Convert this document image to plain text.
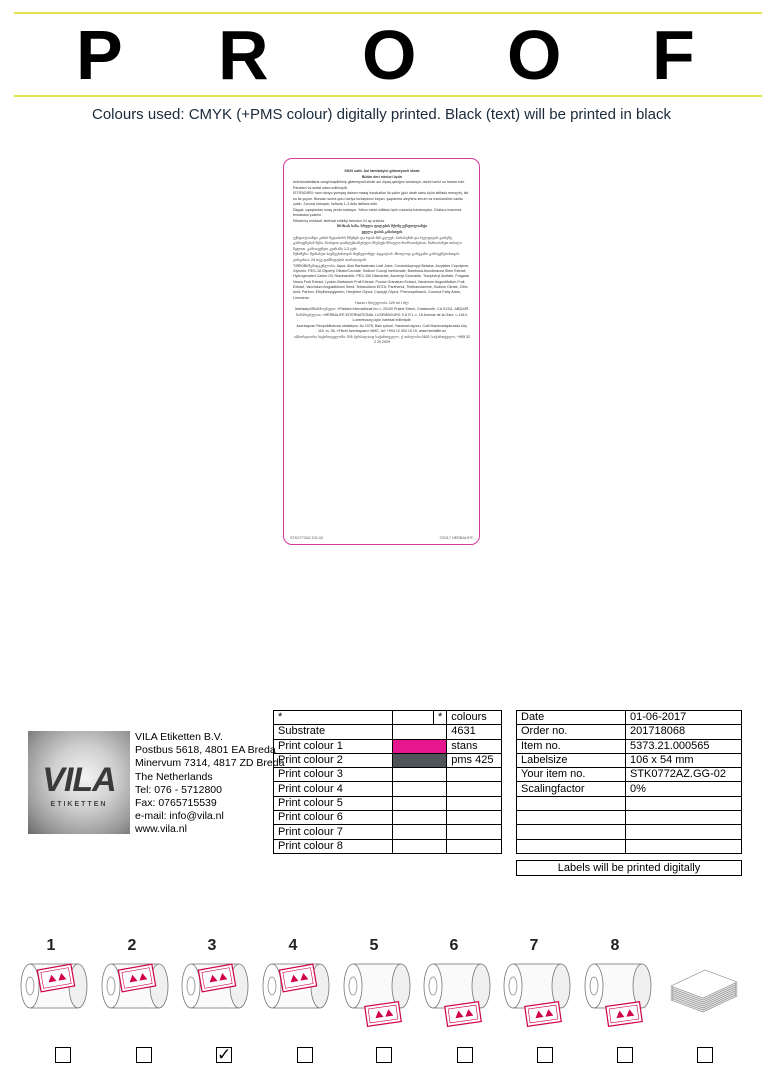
P R O O F
Colours used: CMYK (+PMS colour) digitally printed. Black (text) will be printed in black
SKIN sotti. Aol tamizlayici gilameyoeli skrab
Bütün deri növləri üçün
Antioksidantlarla zənginləşdirilmiş gilameyvali skrab əni ölçaq qabığını təmizləyir, dərini təmiz və hamar edir. Paraben və sulfat olaxo edilməyib.
İSTİFADƏSİ: nəm dəriyə yumşaq dairəvi masaj hərəkətləri ilə çəkin (göz ətrafı sahə üçün istifadə etməyin), isti su ilə yuyun. Bundan sonra quru dəriyə tonlaşdırıcı keyən, şəqlanma əleyhinə serum və nəmləndirici vasitə çəkin. Zərurət olduqda, həftədə 1-3 dəfə istifadə edin.
Diqqət: uşaqlardan uzaq yerdə saxlayın. Yalnız xarici istifadə üçün nəzərdə tutulmuşdur. Gözlərə toxunma temasdən çəkinin.
Etibarlılıq müddəti: istehsal edildiyi tarixdən 24 ay ərzində.
SKIN-ის ხანა. სრული ფილების მქონე ექსფოლიანტი
ყველა ტიპის კანისთვის
ექსფოლიანტი კანის ზედაპირს წმენდს და ხდის მას გლუვს. პარაბენის და სულფატის გარეშე.
გამოყენების წესი: წაისვით დამატენიანებელი მსუბუქი წრიული მოძრაობებით, ჩამოიბანეთ თბილი წყლით. გამოიყენეთ კვირაში 1-3 ჯერ.
შენიშვნა: შეინახეთ ბავშვებისთვის მიუწვდომელ ადგილას. მხოლოდ გარეგანი გამოყენებისთვის.
ვარგისია: 24 თვე დამზადების თარიღიდან.
TƏRKİBİ/შემადგენლობა: Aqua, Aloe Barbadensis Leaf Juice, Cocamidopropyl Betaine, Acrylates Copolymer, Glycerin, PEG-18 Glyceryl Oleate/Cocoate, Sodium Cocoyl Isethionate, Bambusa Arundinacea Stem Extract, Hydrogenated Castor Oil, Niacinamide, PEG-150 Distearate, Ascorbyl Glucoside, Tocopheryl Acetate, Fragaria Vesca Fruit Extract, Lycium Barbarum Fruit Extract, Punica Granatum Extract, Vaccinium Angustifolium Fruit Extract, Vaccinium Angustifolium Seed, Tetrasodium EDTA, Panthenol, Triethanolamine, Sodium Citrate, Citric Acid, Parfum, Ethylhexylglycerin, Hexylene Glycol, Caprylyl Glycol, Phenoxyethanol, Coconut Fatty Acids, Limonene.
Həcm • მოცულობა: 120 ml • მლ
İstehsalçı/მწარმოებელი: «Pabiant International Inc.», 20100 Prairie Street, Chatsworth, CA 91311, ABŞ/აშშ.
წარმოებულია: «HERBALIFE INTERNATIONAL LUXEMBOURG S.À R.L.», 16 Avenue de la Gare, L-1610, Luxembourg üçün istehsal edilmişdir.
Azərbaycan Respublikasına idxalatçısı: Az 1078, Bakı şəhəri, Yasamal rayonu, Cəlil Məmmədquluzadə küç. 118, m. 35, «Fikret Azerbaycan» MMC, tel: +994 12 404 15 15, www.herbalife.az
იმპორტიორი საქართველოში: შპს ჰერბალაიფ საქართველო, ქ. თბილისი 0162, საქართველო, +995 32 2 20 2929
STK0772AZ.GG-02	©2017 HERBALIFE
VILA
ETIKETTEN
VILA Etiketten B.V.
Postbus 5618, 4801 EA Breda
Minervum 7314, 4817 ZD Breda
The Netherlands
Tel: 076 - 5712800
Fax: 0765715539
e-mail: info@vila.nl
www.vila.nl
*		*	colours
Substrate			4631
Print colour 1			stans
Print colour 2			pms 425
Print colour 3			
Print colour 4			
Print colour 5			
Print colour 6			
Print colour 7			
Print colour 8			
Date	01-06-2017
Order no.	201718068
Item no.	5373.21.000565
Labelsize	106 x 54 mm
Your item no.	STK0772AZ.GG-02
Scalingfactor	0%

Labels will be printed digitally
1	2	3
✓
4	5	6	7	8
